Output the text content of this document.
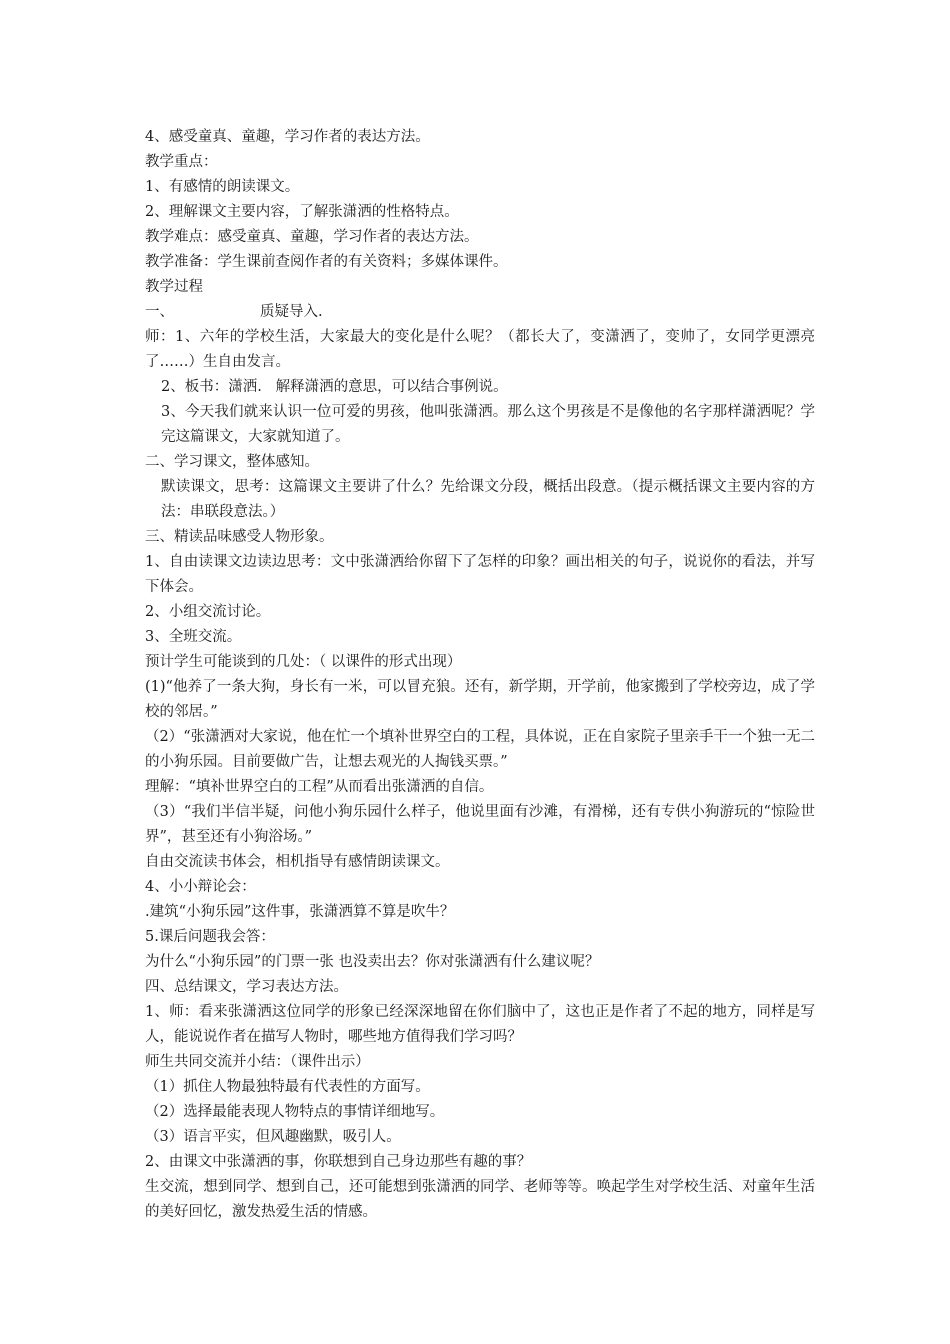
4、感受童真、童趣，学习作者的表达方法。

教学重点：

1、有感情的朗读课文。

2、理解课文主要内容，了解张潇洒的性格特点。

教学难点：感受童真、童趣，学习作者的表达方法。

教学准备：学生课前查阅作者的有关资料；多媒体课件。

教学过程

一、	质疑导入.

师：1、六年的学校生活，大家最大的变化是什么呢？（都长大了，变潇洒了，变帅了，女同学更漂亮了……）生自由发言。

2、板书：潇洒.   解释潇洒的意思，可以结合事例说。

3、今天我们就来认识一位可爱的男孩，他叫张潇洒。那么这个男孩是不是像他的名字那样潇洒呢？学完这篇课文，大家就知道了。

二、学习课文，整体感知。

默读课文，思考：这篇课文主要讲了什么？先给课文分段，概括出段意。（提示概括课文主要内容的方法：串联段意法。）

三、精读品味感受人物形象。

1、自由读课文边读边思考：文中张潇洒给你留下了怎样的印象？画出相关的句子，说说你的看法，并写下体会。

2、小组交流讨论。

3、全班交流。

预计学生可能谈到的几处：（ 以课件的形式出现）

(1)“他养了一条大狗，身长有一米，可以冒充狼。还有，新学期，开学前，他家搬到了学校旁边，成了学校的邻居。”

（2）“张潇洒对大家说，他在忙一个填补世界空白的工程，具体说，正在自家院子里亲手干一个独一无二的小狗乐园。目前要做广告，让想去观光的人掏钱买票。”

理解：“填补世界空白的工程”从而看出张潇洒的自信。

（3）“我们半信半疑，问他小狗乐园什么样子，他说里面有沙滩，有滑梯，还有专供小狗游玩的“惊险世界”，甚至还有小狗浴场。”

自由交流读书体会，相机指导有感情朗读课文。

4、小小辩论会：

.建筑“小狗乐园”这件事，张潇洒算不算是吹牛？

5.课后问题我会答：

为什么“小狗乐园”的门票一张 也没卖出去？你对张潇洒有什么建议呢？

四、总结课文，学习表达方法。

1、师：看来张潇洒这位同学的形象已经深深地留在你们脑中了，这也正是作者了不起的地方，同样是写人，能说说作者在描写人物时，哪些地方值得我们学习吗？

师生共同交流并小结：（课件出示）

（1）抓住人物最独特最有代表性的方面写。

（2）选择最能表现人物特点的事情详细地写。

（3）语言平实，但风趣幽默，吸引人。

2、由课文中张潇洒的事，你联想到自己身边那些有趣的事？

生交流，想到同学、想到自己，还可能想到张潇洒的同学、老师等等。唤起学生对学校生活、对童年生活的美好回忆，激发热爱生活的情感。
